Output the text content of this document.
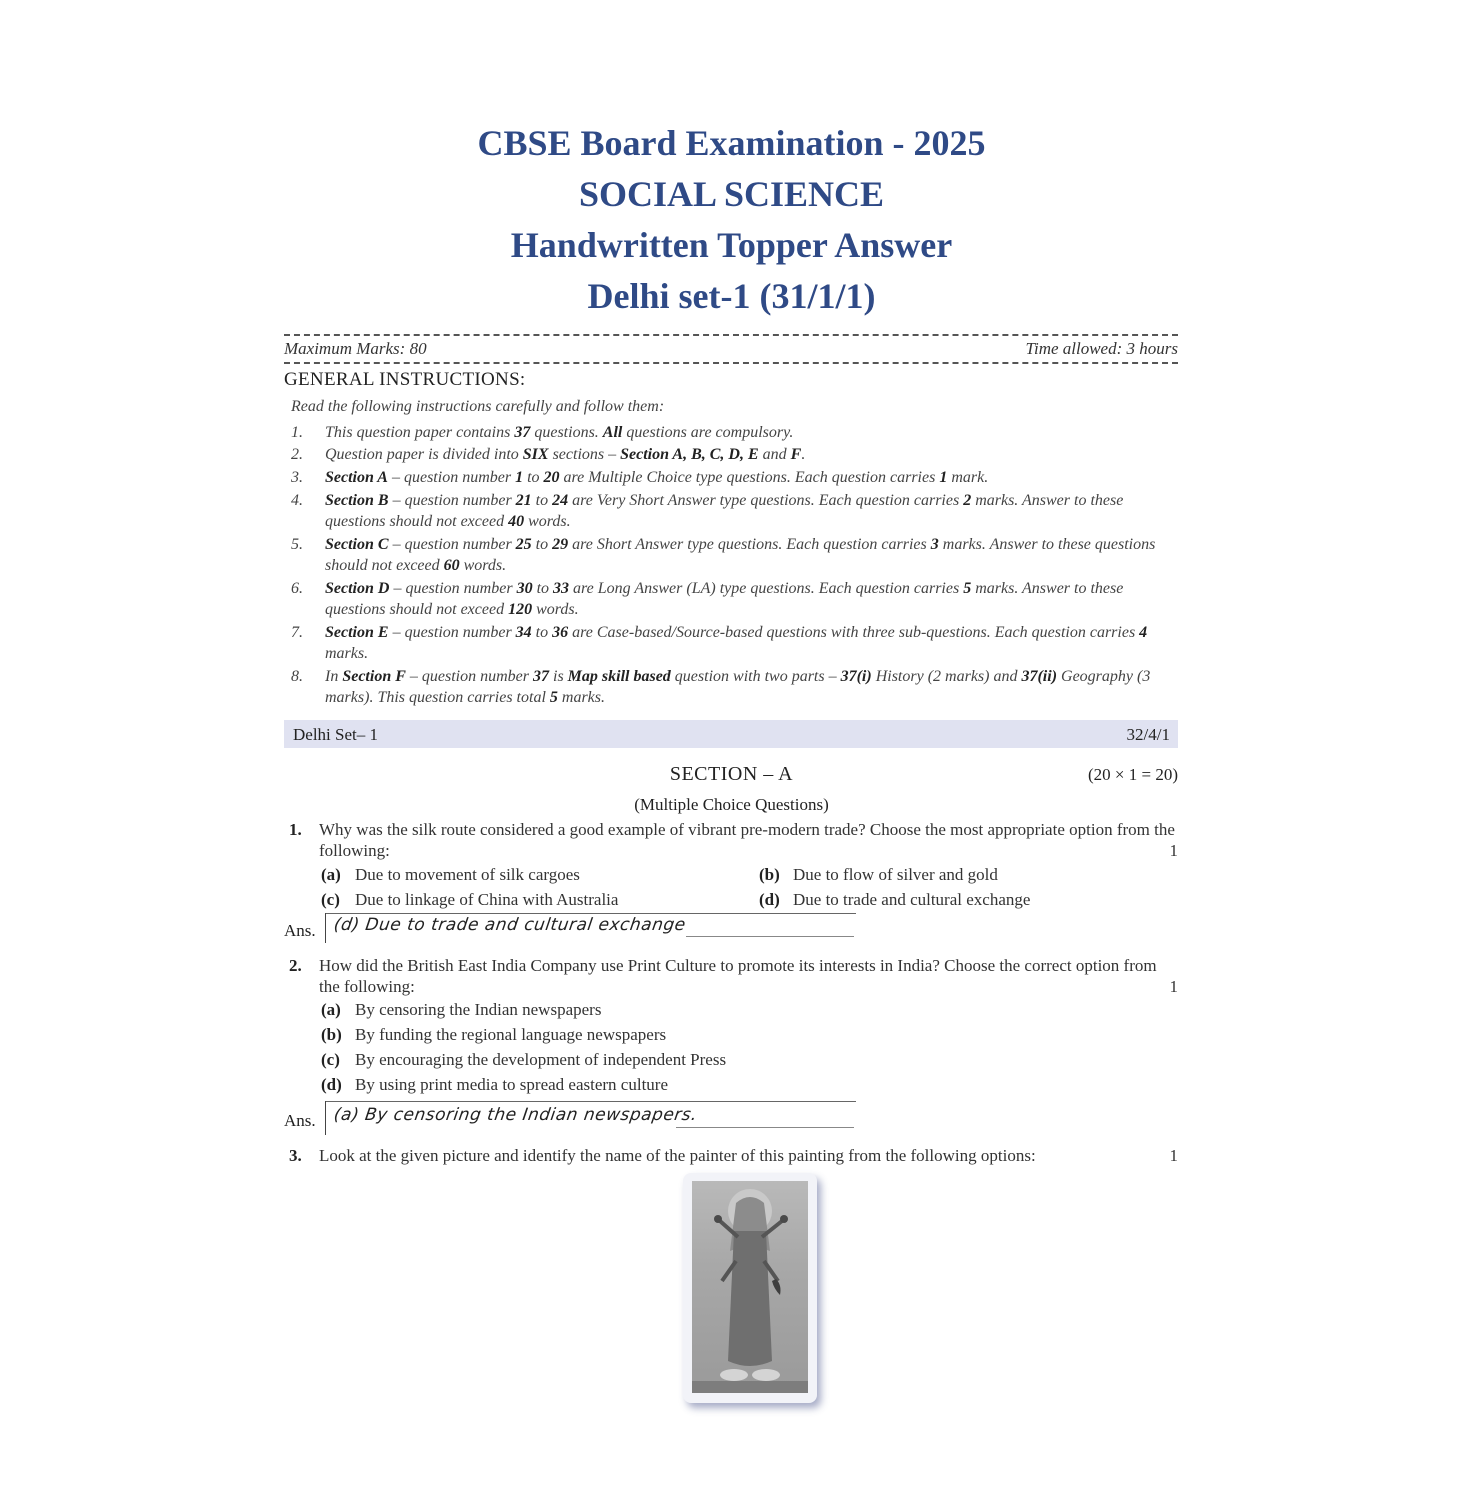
CBSE Board Examination - 2025
SOCIAL SCIENCE
Handwritten Topper Answer
Delhi set-1 (31/1/1)
Maximum Marks: 80	Time allowed: 3 hours
GENERAL INSTRUCTIONS:
Read the following instructions carefully and follow them:
1. This question paper contains 37 questions. All questions are compulsory.
2. Question paper is divided into SIX sections – Section A, B, C, D, E and F.
3. Section A – question number 1 to 20 are Multiple Choice type questions. Each question carries 1 mark.
4. Section B – question number 21 to 24 are Very Short Answer type questions. Each question carries 2 marks. Answer to these questions should not exceed 40 words.
5. Section C – question number 25 to 29 are Short Answer type questions. Each question carries 3 marks. Answer to these questions should not exceed 60 words.
6. Section D – question number 30 to 33 are Long Answer (LA) type questions. Each question carries 5 marks. Answer to these questions should not exceed 120 words.
7. Section E – question number 34 to 36 are Case-based/Source-based questions with three sub-questions. Each question carries 4 marks.
8. In Section F – question number 37 is Map skill based question with two parts – 37(i) History (2 marks) and 37(ii) Geography (3 marks). This question carries total 5 marks.
Delhi Set– 1	32/4/1
SECTION – A	(20 × 1 = 20)
(Multiple Choice Questions)
1. Why was the silk route considered a good example of vibrant pre-modern trade? Choose the most appropriate option from the following:	1
(a) Due to movement of silk cargoes	(b) Due to flow of silver and gold
(c) Due to linkage of China with Australia	(d) Due to trade and cultural exchange
Ans. (d) Due to trade and cultural exchange
2. How did the British East India Company use Print Culture to promote its interests in India? Choose the correct option from the following:	1
(a) By censoring the Indian newspapers
(b) By funding the regional language newspapers
(c) By encouraging the development of independent Press
(d) By using print media to spread eastern culture
Ans. (a) By censoring the Indian newspapers.
3. Look at the given picture and identify the name of the painter of this painting from the following options:	1
